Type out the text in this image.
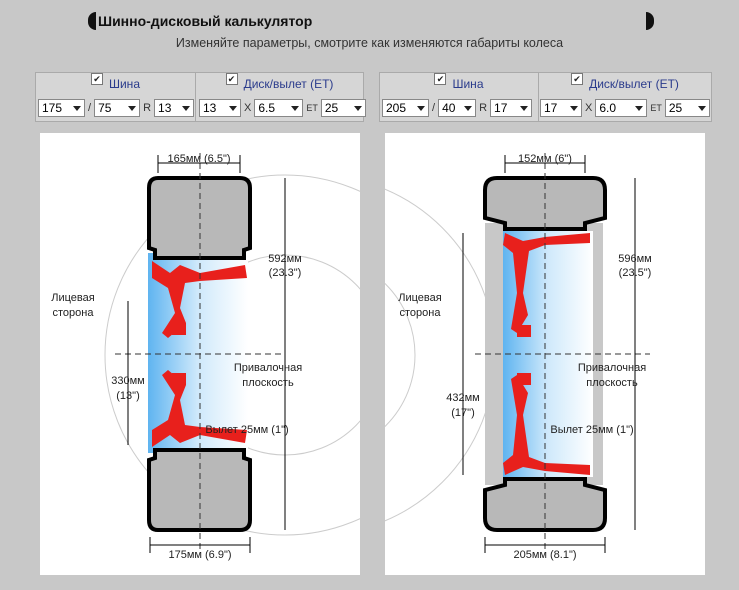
Шинно-дисковый калькулятор
Изменяйте параметры, смотрите как изменяются габариты колеса
✔ Шина	✔ Диск/вылет (ET)
175 / 75	R 13	13	X 6.5	ET 25
✔ Шина	✔ Диск/вылет (ET)
205 / 40 R 17	17	X 6.0	ET 25
165мм (6.5")
592мм
(23.3")
330мм
(13")
Лицевая
сторона
Привалочная
плоскость
Вылет 25мм (1")
175мм (6.9")
152мм (6")
596мм
(23.5")
432мм
(17")
Лицевая
сторона
Привалочная
плоскость
Вылет 25мм (1")
205мм (8.1")
